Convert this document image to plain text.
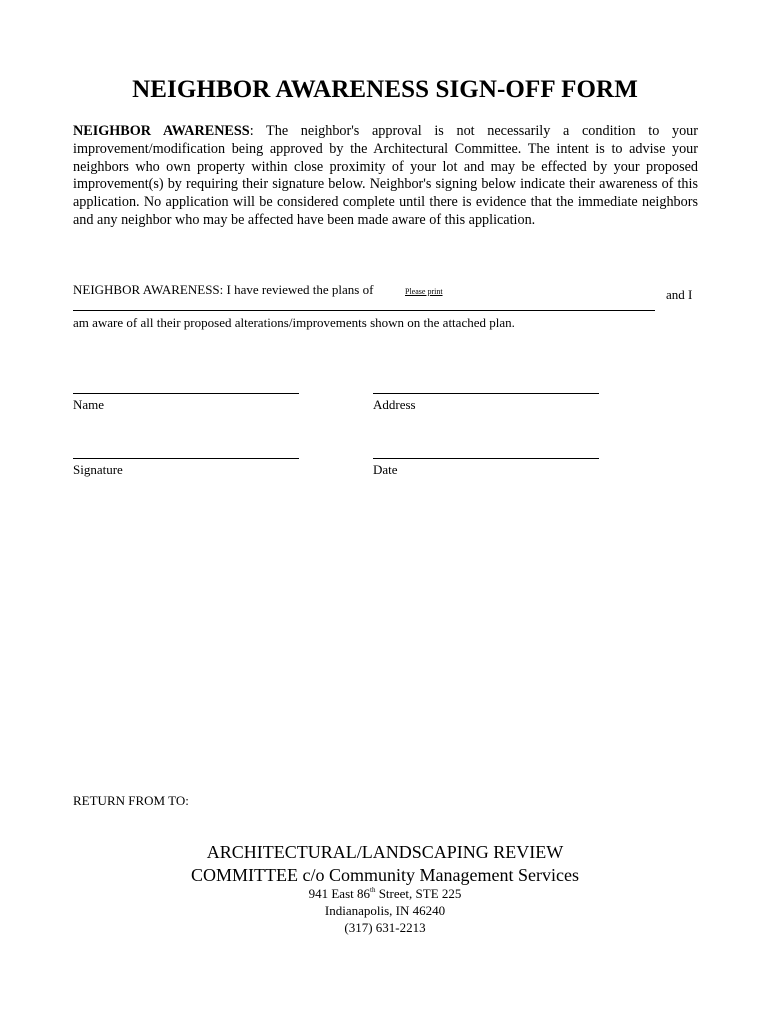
NEIGHBOR AWARENESS SIGN-OFF FORM

NEIGHBOR AWARENESS: The neighbor's approval is not necessarily a condition to your improvement/modification being approved by the Architectural Committee. The intent is to advise your neighbors who own property within close proximity of your lot and may be effected by your proposed improvement(s) by requiring their signature below. Neighbor's signing below indicate their awareness of this application. No application will be considered complete until there is evidence that the immediate neighbors and any neighbor who may be affected have been made aware of this application.

NEIGHBOR AWARENESS: I have reviewed the plans of	Please print	and I
am aware of all their proposed alterations/improvements shown on the attached plan.
Name	Address
Signature	Date
RETURN FROM TO:
ARCHITECTURAL/LANDSCAPING REVIEW
COMMITTEE c/o Community Management Services
941 East 86th Street, STE 225
Indianapolis, IN 46240
(317) 631-2213
